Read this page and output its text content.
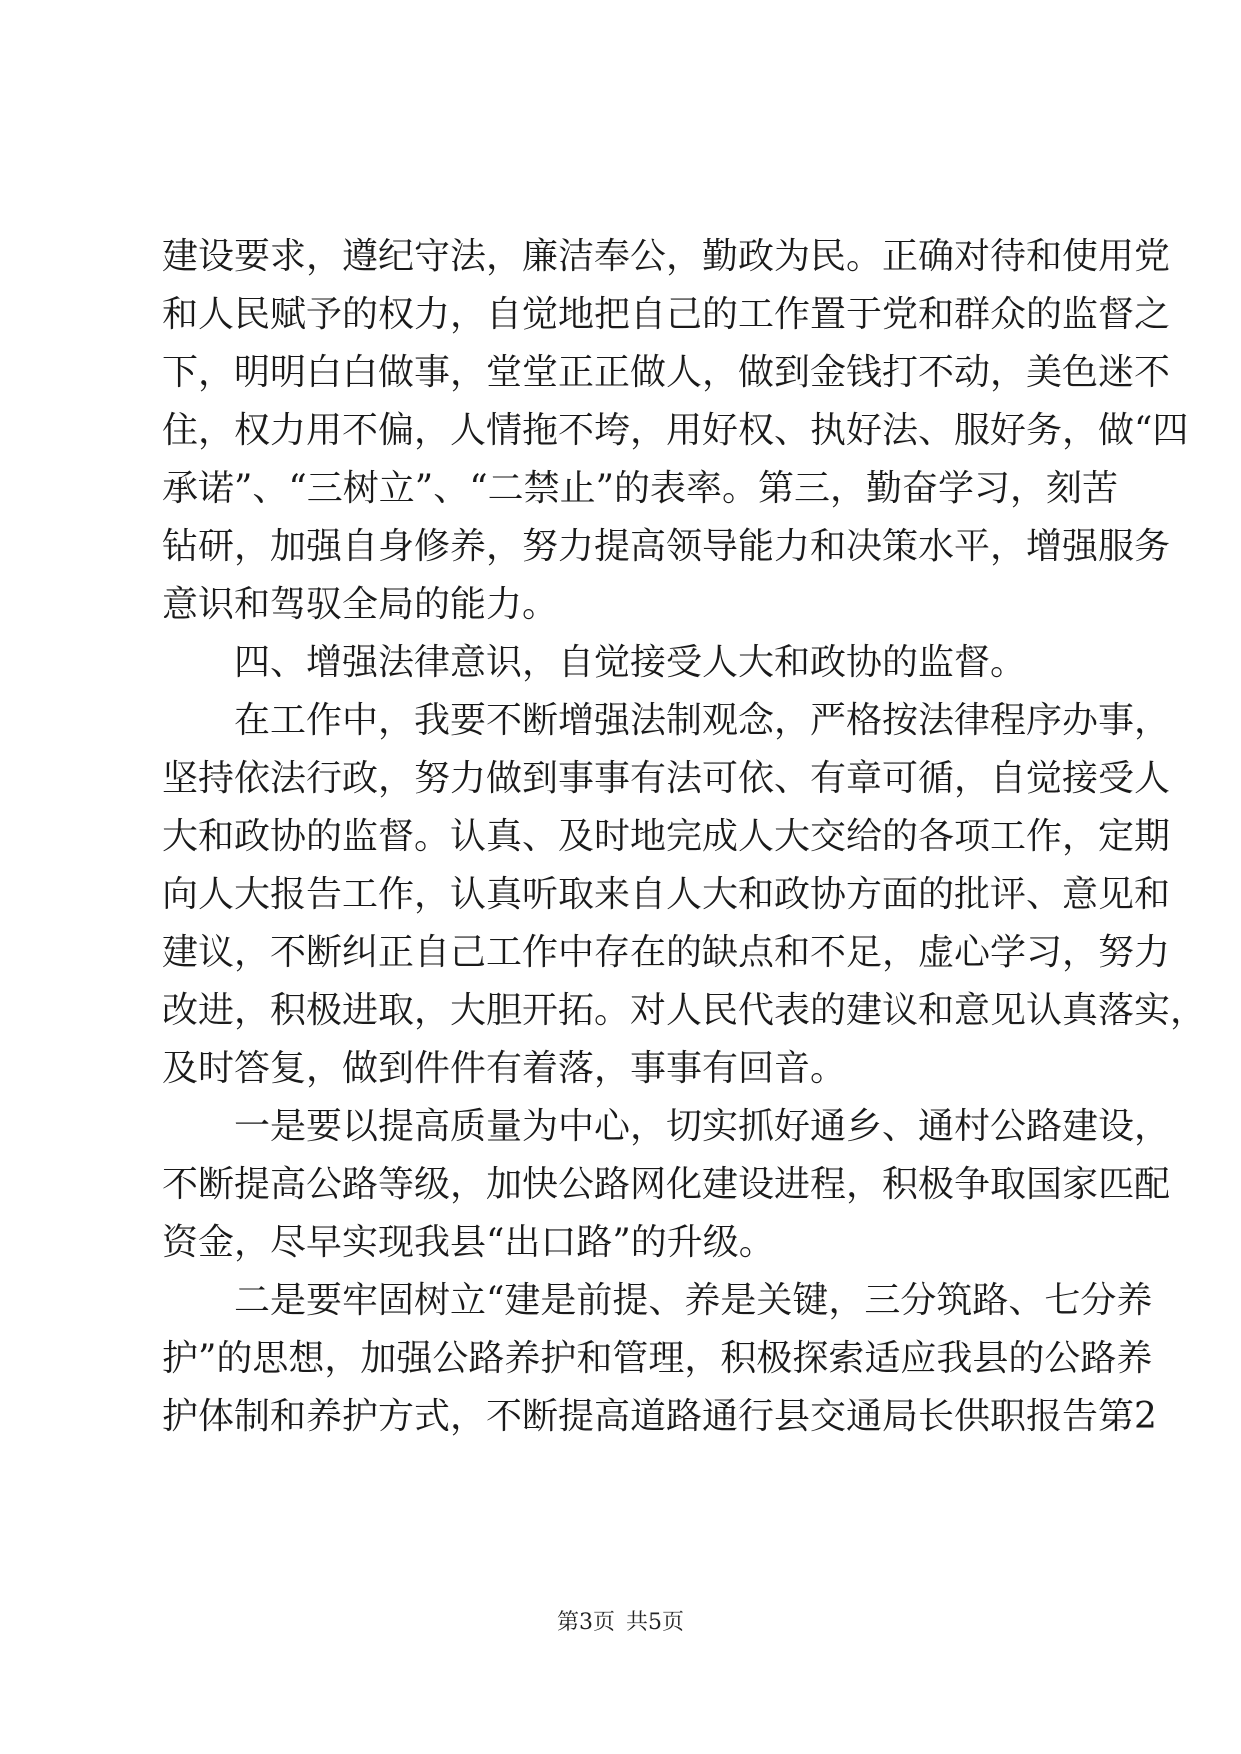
建设要求，遵纪守法，廉洁奉公，勤政为民。正确对待和使用党
和人民赋予的权力，自觉地把自己的工作置于党和群众的监督之
下，明明白白做事，堂堂正正做人，做到金钱打不动，美色迷不
住，权力用不偏，人情拖不垮，用好权、执好法、服好务，做“四
承诺”、“三树立”、“二禁止”的表率。第三，勤奋学习，刻苦
钻研，加强自身修养，努力提高领导能力和决策水平，增强服务
意识和驾驭全局的能力。
四、增强法律意识，自觉接受人大和政协的监督。
在工作中，我要不断增强法制观念，严格按法律程序办事，
坚持依法行政，努力做到事事有法可依、有章可循，自觉接受人
大和政协的监督。认真、及时地完成人大交给的各项工作，定期
向人大报告工作，认真听取来自人大和政协方面的批评、意见和
建议，不断纠正自己工作中存在的缺点和不足，虚心学习，努力
改进，积极进取，大胆开拓。对人民代表的建议和意见认真落实，
及时答复，做到件件有着落，事事有回音。
一是要以提高质量为中心，切实抓好通乡、通村公路建设，
不断提高公路等级，加快公路网化建设进程，积极争取国家匹配
资金，尽早实现我县“出口路”的升级。
二是要牢固树立“建是前提、养是关键，三分筑路、七分养
护”的思想，加强公路养护和管理，积极探索适应我县的公路养
护体制和养护方式，不断提高道路通行县交通局长供职报告第2
第3页 共5页
